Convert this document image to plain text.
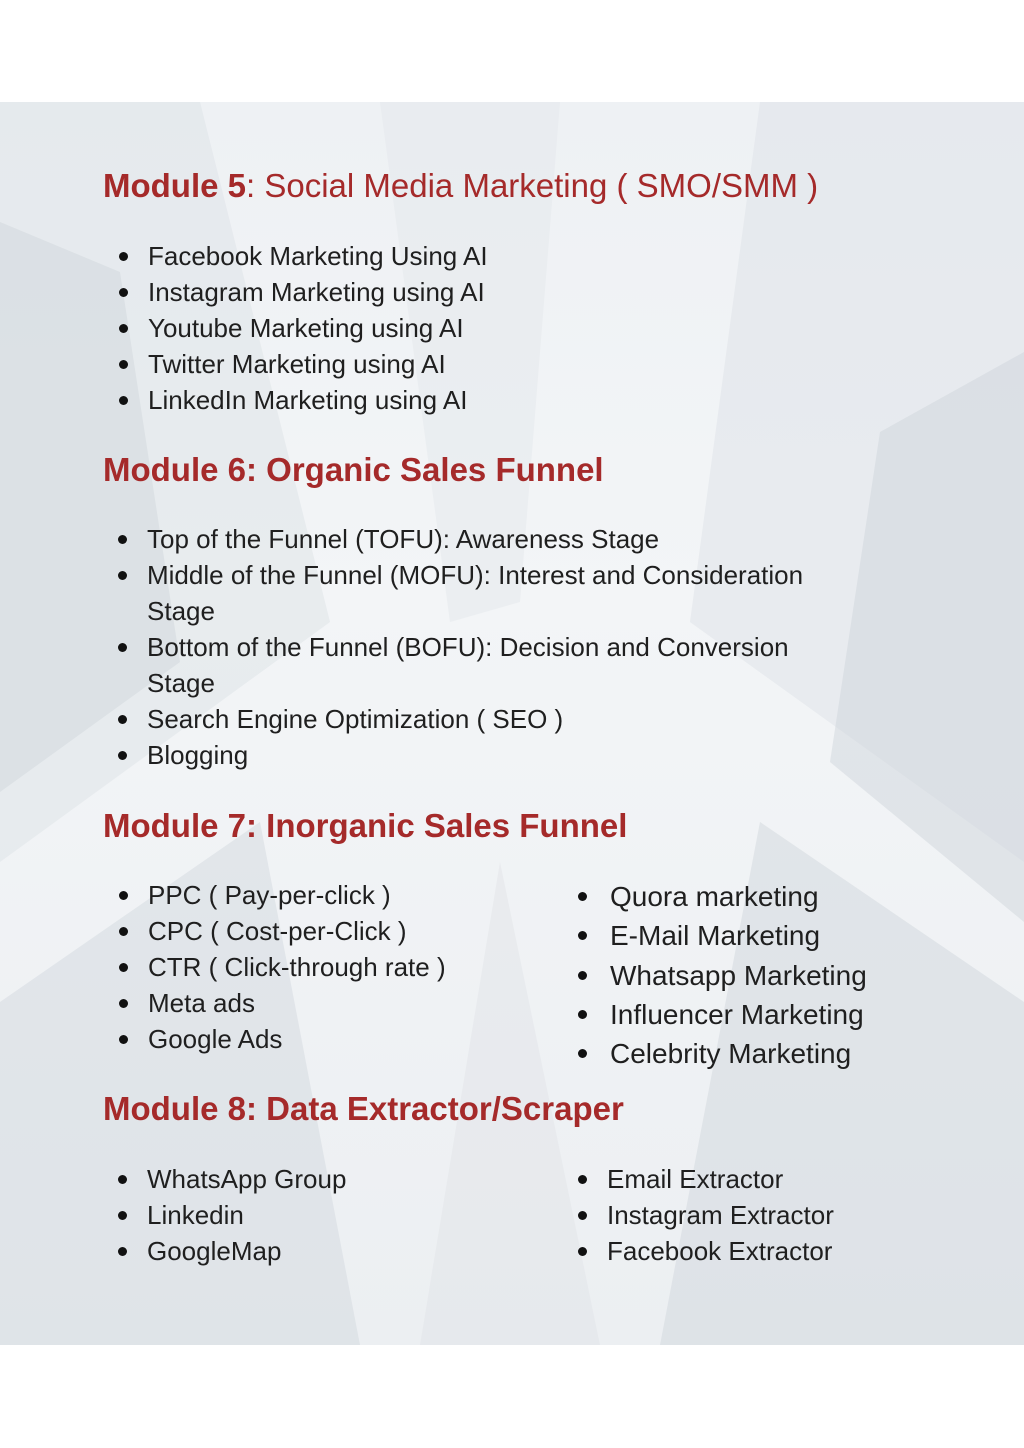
Module 5: Social Media Marketing ( SMO/SMM )
Facebook Marketing Using AI
Instagram Marketing using AI
Youtube Marketing using AI
Twitter Marketing using AI
LinkedIn Marketing using AI
Module 6: Organic Sales Funnel
Top of the Funnel (TOFU): Awareness Stage
Middle of the Funnel (MOFU): Interest and Consideration Stage
Bottom of the Funnel (BOFU): Decision and Conversion Stage
Search Engine Optimization ( SEO )
Blogging
Module 7: Inorganic Sales Funnel
PPC ( Pay-per-click )
CPC ( Cost-per-Click )
CTR ( Click-through rate )
Meta ads
Google Ads
Quora marketing
E-Mail Marketing
Whatsapp Marketing
Influencer Marketing
Celebrity Marketing
Module 8: Data Extractor/Scraper
WhatsApp Group
Linkedin
GoogleMap
Email Extractor
Instagram Extractor
Facebook Extractor
